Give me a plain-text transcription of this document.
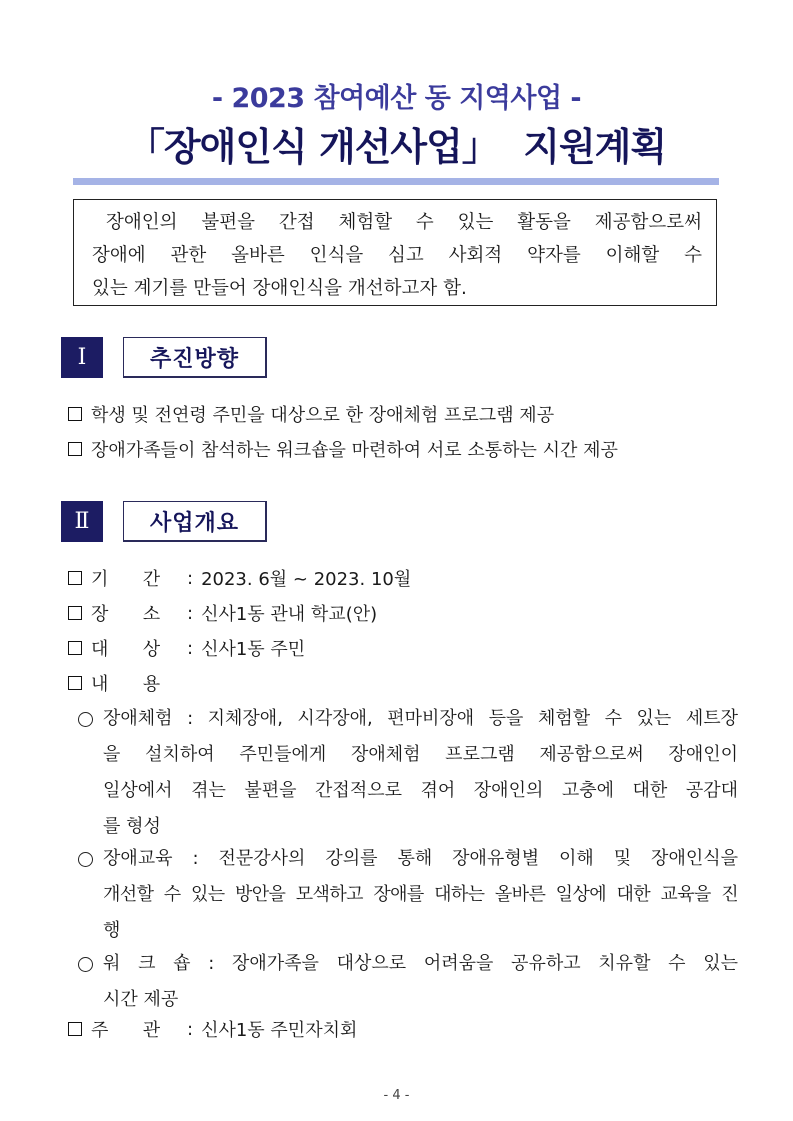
- 2023 참여예산 동 지역사업 -
「장애인식 개선사업」  지원계획
장애인의 불편을 간접 체험할 수 있는 활동을 제공함으로써
장애에 관한 올바른 인식을 심고 사회적 약자를 이해할 수
있는 계기를 만들어 장애인식을 개선하고자 함.
Ⅰ	추진방향
학생 및 전연령 주민을 대상으로 한 장애체험 프로그램 제공
장애가족들이 참석하는 워크숍을 마련하여 서로 소통하는 시간 제공
Ⅱ	사업개요
기      간	: 2023. 6월 ~ 2023. 10월
장      소	: 신사1동 관내 학교(안)
대      상	: 신사1동 주민
내      용
장애체험 : 지체장애, 시각장애, 편마비장애 등을 체험할 수 있는 세트장
을 설치하여 주민들에게 장애체험 프로그램 제공함으로써 장애인이
일상에서 겪는 불편을 간접적으로 겪어 장애인의 고충에 대한 공감대
를 형성
장애교육 : 전문강사의 강의를 통해 장애유형별 이해 및 장애인식을
개선할 수 있는 방안을 모색하고 장애를 대하는 올바른 일상에 대한 교육을 진
행
워 크 숍 : 장애가족을 대상으로 어려움을 공유하고 치유할 수 있는
시간 제공
주      관	: 신사1동 주민자치회
- 4 -
